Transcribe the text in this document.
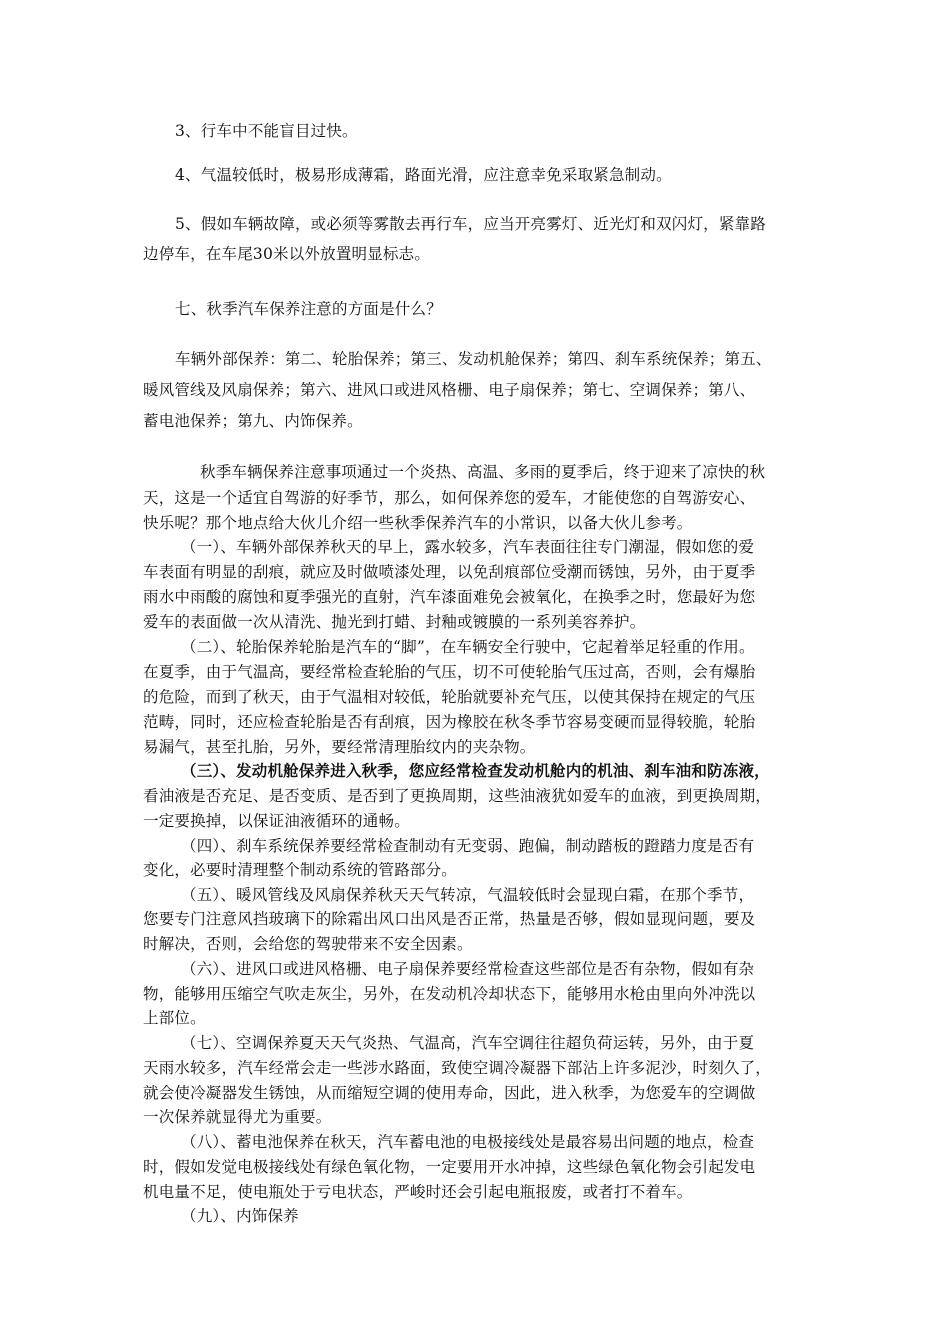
3、行车中不能盲目过快。
4、气温较低时，极易形成薄霜，路面光滑，应注意幸免采取紧急制动。
5、假如车辆故障，或必须等雾散去再行车，应当开亮雾灯、近光灯和双闪灯，紧靠路
边停车，在车尾30米以外放置明显标志。
七、秋季汽车保养注意的方面是什么？
车辆外部保养：第二、轮胎保养；第三、发动机舱保养；第四、刹车系统保养；第五、
暖风管线及风扇保养；第六、进风口或进风格栅、电子扇保养；第七、空调保养；第八、
蓄电池保养；第九、内饰保养。
秋季车辆保养注意事项通过一个炎热、高温、多雨的夏季后，终于迎来了凉快的秋
天，这是一个适宜自驾游的好季节，那么，如何保养您的爱车，才能使您的自驾游安心、
快乐呢？那个地点给大伙儿介绍一些秋季保养汽车的小常识，以备大伙儿参考。
（一）、车辆外部保养秋天的早上，露水较多，汽车表面往往专门潮湿，假如您的爱
车表面有明显的刮痕，就应及时做喷漆处理，以免刮痕部位受潮而锈蚀，另外，由于夏季
雨水中雨酸的腐蚀和夏季强光的直射，汽车漆面难免会被氧化，在换季之时，您最好为您
爱车的表面做一次从清洗、抛光到打蜡、封釉或镀膜的一系列美容养护。
（二）、轮胎保养轮胎是汽车的“脚”，在车辆安全行驶中，它起着举足轻重的作用。
在夏季，由于气温高，要经常检查轮胎的气压，切不可使轮胎气压过高，否则，会有爆胎
的危险，而到了秋天，由于气温相对较低，轮胎就要补充气压，以使其保持在规定的气压
范畴，同时，还应检查轮胎是否有刮痕，因为橡胶在秋冬季节容易变硬而显得较脆，轮胎
易漏气，甚至扎胎，另外，要经常清理胎纹内的夹杂物。
（三）、发动机舱保养进入秋季，您应经常检查发动机舱内的机油、刹车油和防冻液，
看油液是否充足、是否变质、是否到了更换周期，这些油液犹如爱车的血液，到更换周期，
一定要换掉，以保证油液循环的通畅。
（四）、刹车系统保养要经常检查制动有无变弱、跑偏，制动踏板的蹬踏力度是否有
变化，必要时清理整个制动系统的管路部分。
（五）、暖风管线及风扇保养秋天天气转凉，气温较低时会显现白霜，在那个季节，
您要专门注意风挡玻璃下的除霜出风口出风是否正常，热量是否够，假如显现问题，要及
时解决，否则，会给您的驾驶带来不安全因素。
（六）、进风口或进风格栅、电子扇保养要经常检查这些部位是否有杂物，假如有杂
物，能够用压缩空气吹走灰尘，另外，在发动机冷却状态下，能够用水枪由里向外冲洗以
上部位。
（七）、空调保养夏天天气炎热、气温高，汽车空调往往超负荷运转，另外，由于夏
天雨水较多，汽车经常会走一些涉水路面，致使空调冷凝器下部沾上许多泥沙，时刻久了，
就会使冷凝器发生锈蚀，从而缩短空调的使用寿命，因此，进入秋季，为您爱车的空调做
一次保养就显得尤为重要。
（八）、蓄电池保养在秋天，汽车蓄电池的电极接线处是最容易出问题的地点，检查
时，假如发觉电极接线处有绿色氧化物，一定要用开水冲掉，这些绿色氧化物会引起发电
机电量不足，使电瓶处于亏电状态，严峻时还会引起电瓶报废，或者打不着车。
（九）、内饰保养
